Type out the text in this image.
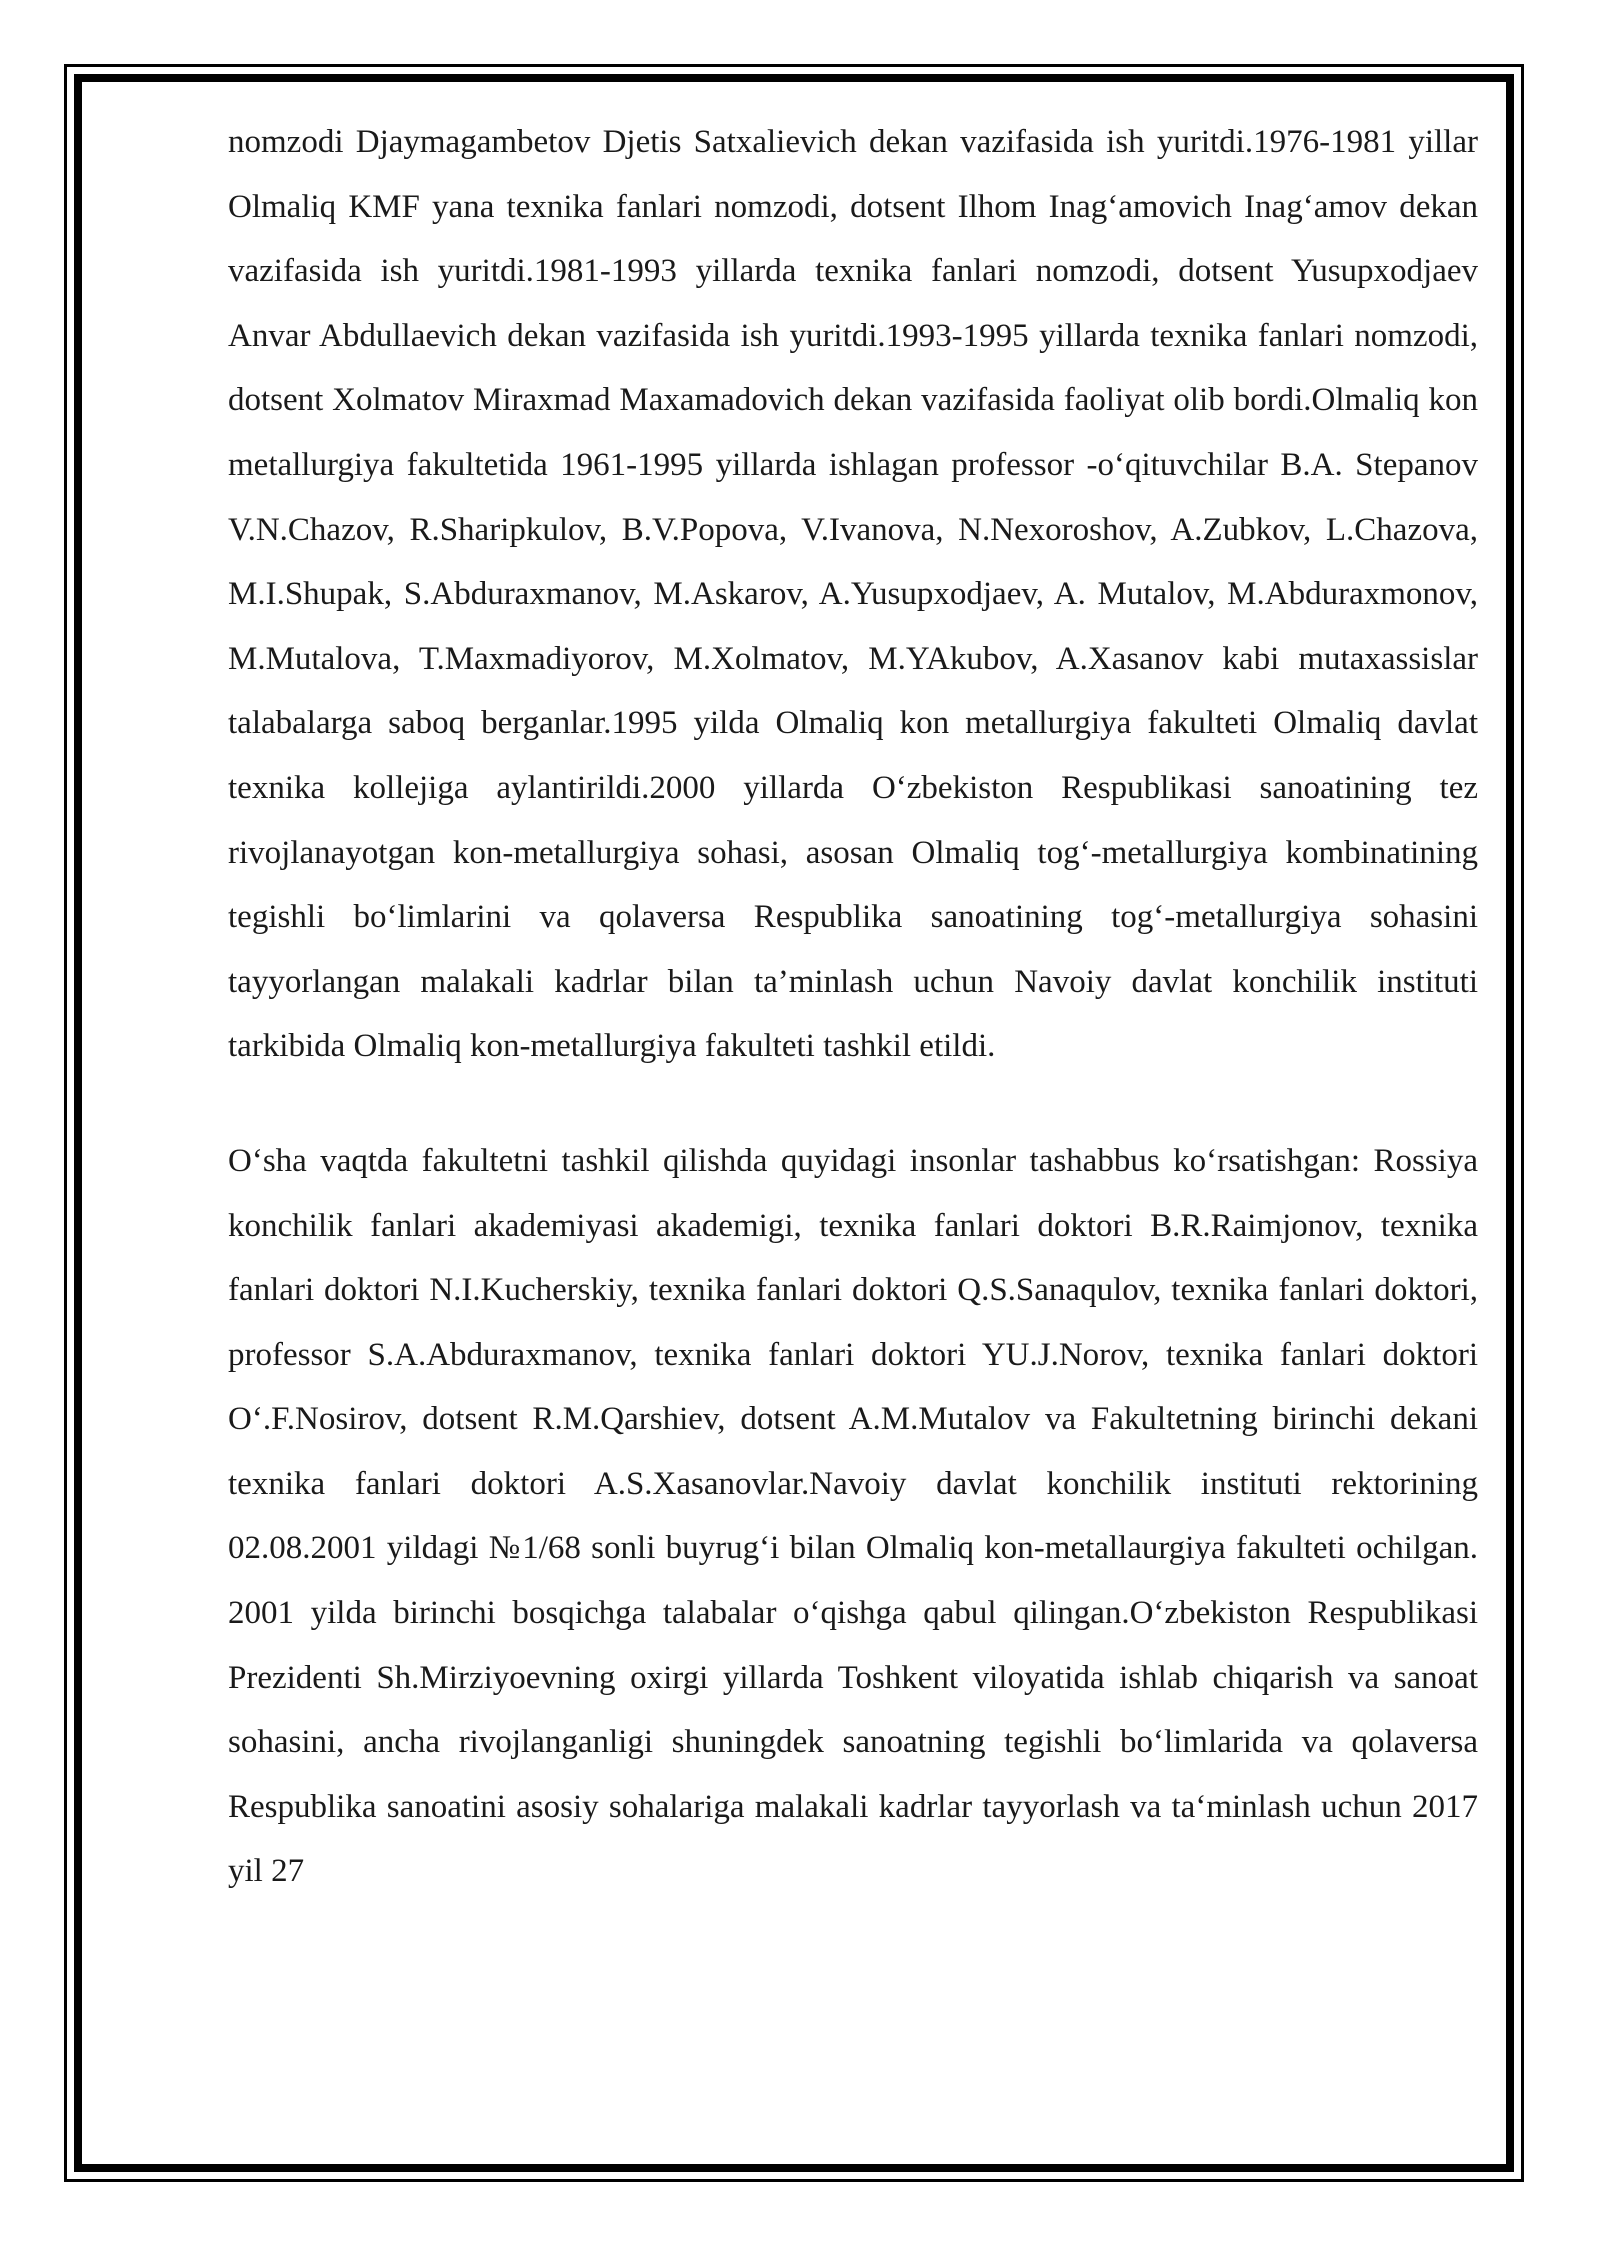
nomzodi Djaymagambetov Djetis Satxalievich dekan vazifasida ish yuritdi.1976-1981 yillar Olmaliq KMF yana texnika fanlari nomzodi, dotsent Ilhom Inag‘amovich Inag‘amov dekan vazifasida ish yuritdi.1981-1993 yillarda texnika fanlari nomzodi, dotsent Yusupxodjaev Anvar Abdullaevich dekan vazifasida ish yuritdi.1993-1995 yillarda texnika fanlari nomzodi, dotsent Xolmatov Miraxmad Maxamadovich dekan vazifasida faoliyat olib bordi.Olmaliq kon metallurgiya fakultetida 1961-1995 yillarda ishlagan professor -o‘qituvchilar B.A. Stepanov V.N.Chazov, R.Sharipkulov, B.V.Popova, V.Ivanova, N.Nexoroshov, A.Zubkov, L.Chazova, M.I.Shupak, S.Abduraxmanov, M.Askarov, A.Yusupxodjaev, A. Mutalov, M.Abduraxmonov, M.Mutalova, T.Maxmadiyorov, M.Xolmatov, M.YAkubov, A.Xasanov kabi mutaxassislar talabalarga saboq berganlar.1995 yilda Olmaliq kon metallurgiya fakulteti Olmaliq davlat texnika kollejiga aylantirildi.2000 yillarda O‘zbekiston Respublikasi sanoatining tez rivojlanayotgan kon-metallurgiya sohasi, asosan Olmaliq tog‘-metallurgiya kombinatining tegishli bo‘limlarini va qolaversa Respublika sanoatining tog‘-metallurgiya sohasini tayyorlangan malakali kadrlar bilan ta’minlash uchun Navoiy davlat konchilik instituti tarkibida Olmaliq kon-metallurgiya fakulteti tashkil etildi.

O‘sha vaqtda fakultetni tashkil qilishda quyidagi insonlar tashabbus ko‘rsatishgan: Rossiya konchilik fanlari akademiyasi akademigi, texnika fanlari doktori B.R.Raimjonov, texnika fanlari doktori N.I.Kucherskiy, texnika fanlari doktori Q.S.Sanaqulov, texnika fanlari doktori, professor S.A.Abduraxmanov, texnika fanlari doktori YU.J.Norov, texnika fanlari doktori O‘.F.Nosirov, dotsent R.M.Qarshiev, dotsent A.M.Mutalov va Fakultetning birinchi dekani texnika fanlari doktori A.S.Xasanovlar.Navoiy davlat konchilik instituti rektorining 02.08.2001 yildagi №1/68 sonli buyrug‘i bilan Olmaliq kon-metallaurgiya fakulteti ochilgan. 2001 yilda birinchi bosqichga talabalar o‘qishga qabul qilingan.O‘zbekiston Respublikasi Prezidenti Sh.Mirziyoevning oxirgi yillarda Toshkent viloyatida ishlab chiqarish va sanoat sohasini, ancha rivojlanganligi shuningdek sanoatning tegishli bo‘limlarida va qolaversa Respublika sanoatini asosiy sohalariga malakali kadrlar tayyorlash va ta‘minlash uchun 2017 yil 27
